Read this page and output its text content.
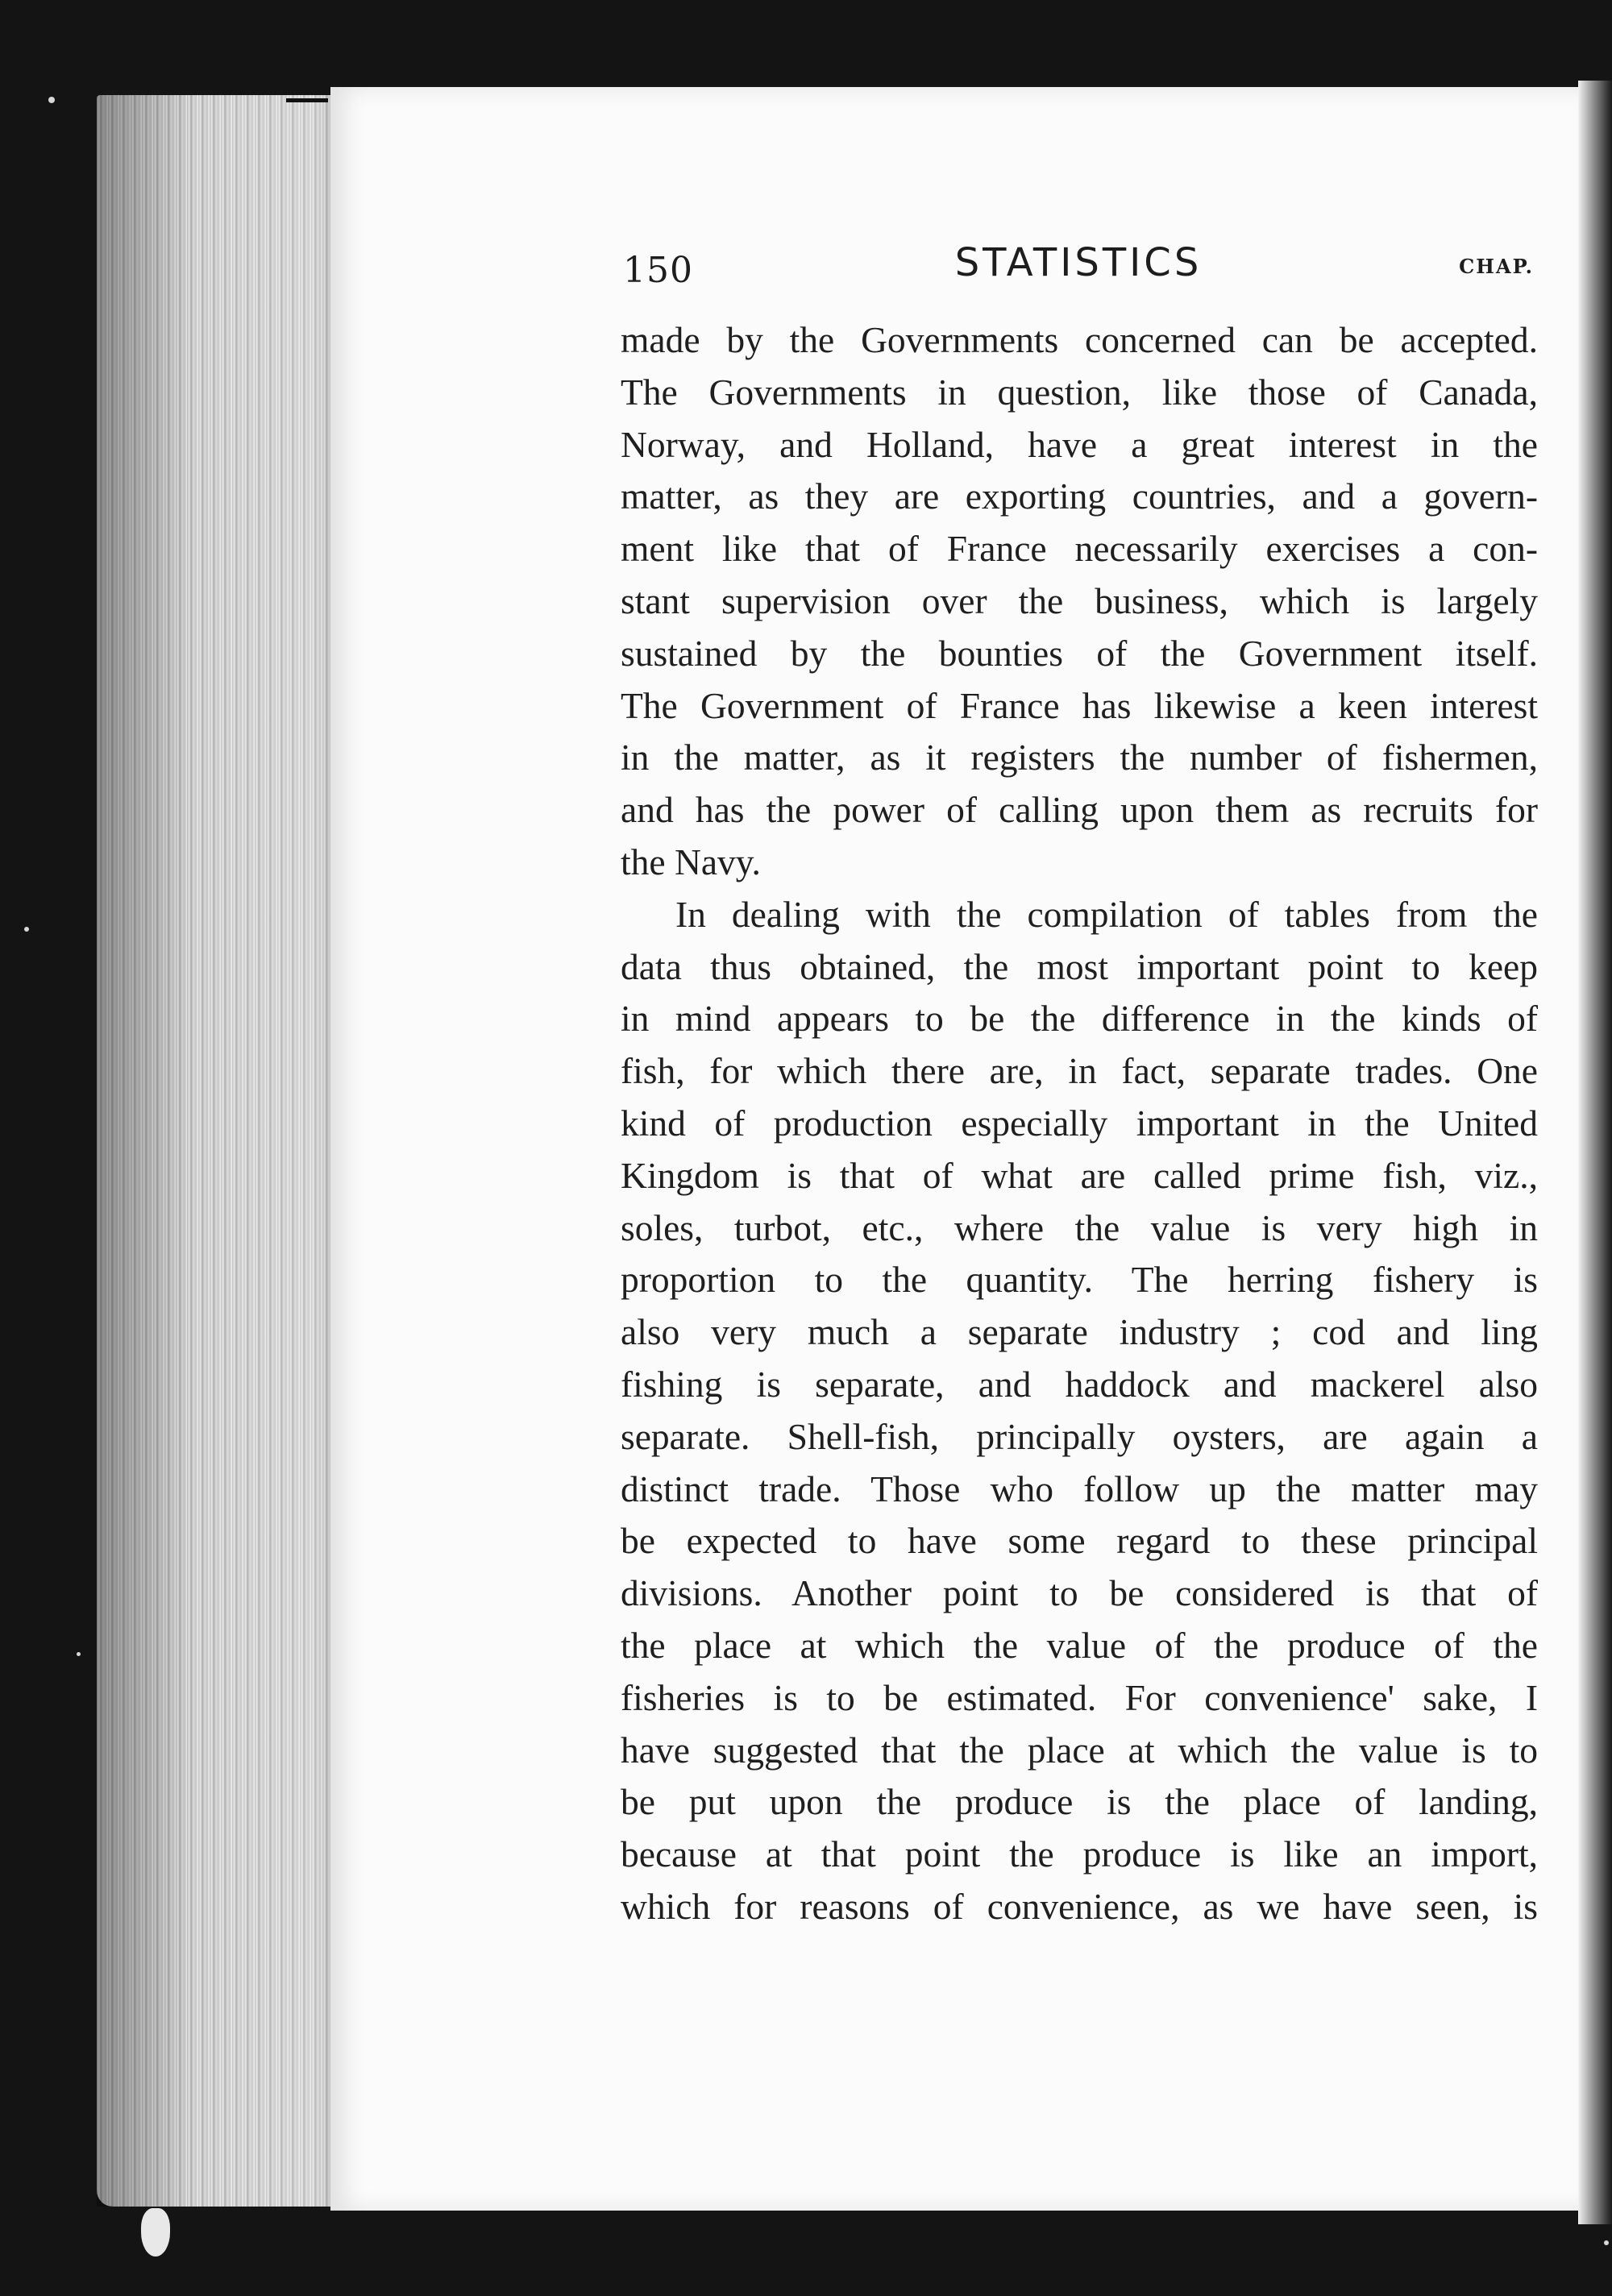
150	STATISTICS	CHAP.
made by the Governments concerned can be accepted.
The Governments in question, like those of Canada,
Norway, and Holland, have a great interest in the
matter, as they are exporting countries, and a govern-
ment like that of France necessarily exercises a con-
stant supervision over the business, which is largely
sustained by the bounties of the Government itself.
The Government of France has likewise a keen interest
in the matter, as it registers the number of fishermen,
and has the power of calling upon them as recruits for
the Navy.
In dealing with the compilation of tables from the
data thus obtained, the most important point to keep
in mind appears to be the difference in the kinds of
fish, for which there are, in fact, separate trades. One
kind of production especially important in the United
Kingdom is that of what are called prime fish, viz.,
soles, turbot, etc., where the value is very high in
proportion to the quantity. The herring fishery is
also very much a separate industry ; cod and ling
fishing is separate, and haddock and mackerel also
separate. Shell-fish, principally oysters, are again a
distinct trade. Those who follow up the matter may
be expected to have some regard to these principal
divisions. Another point to be considered is that of
the place at which the value of the produce of the
fisheries is to be estimated. For convenience' sake, I
have suggested that the place at which the value is to
be put upon the produce is the place of landing,
because at that point the produce is like an import,
which for reasons of convenience, as we have seen, is
